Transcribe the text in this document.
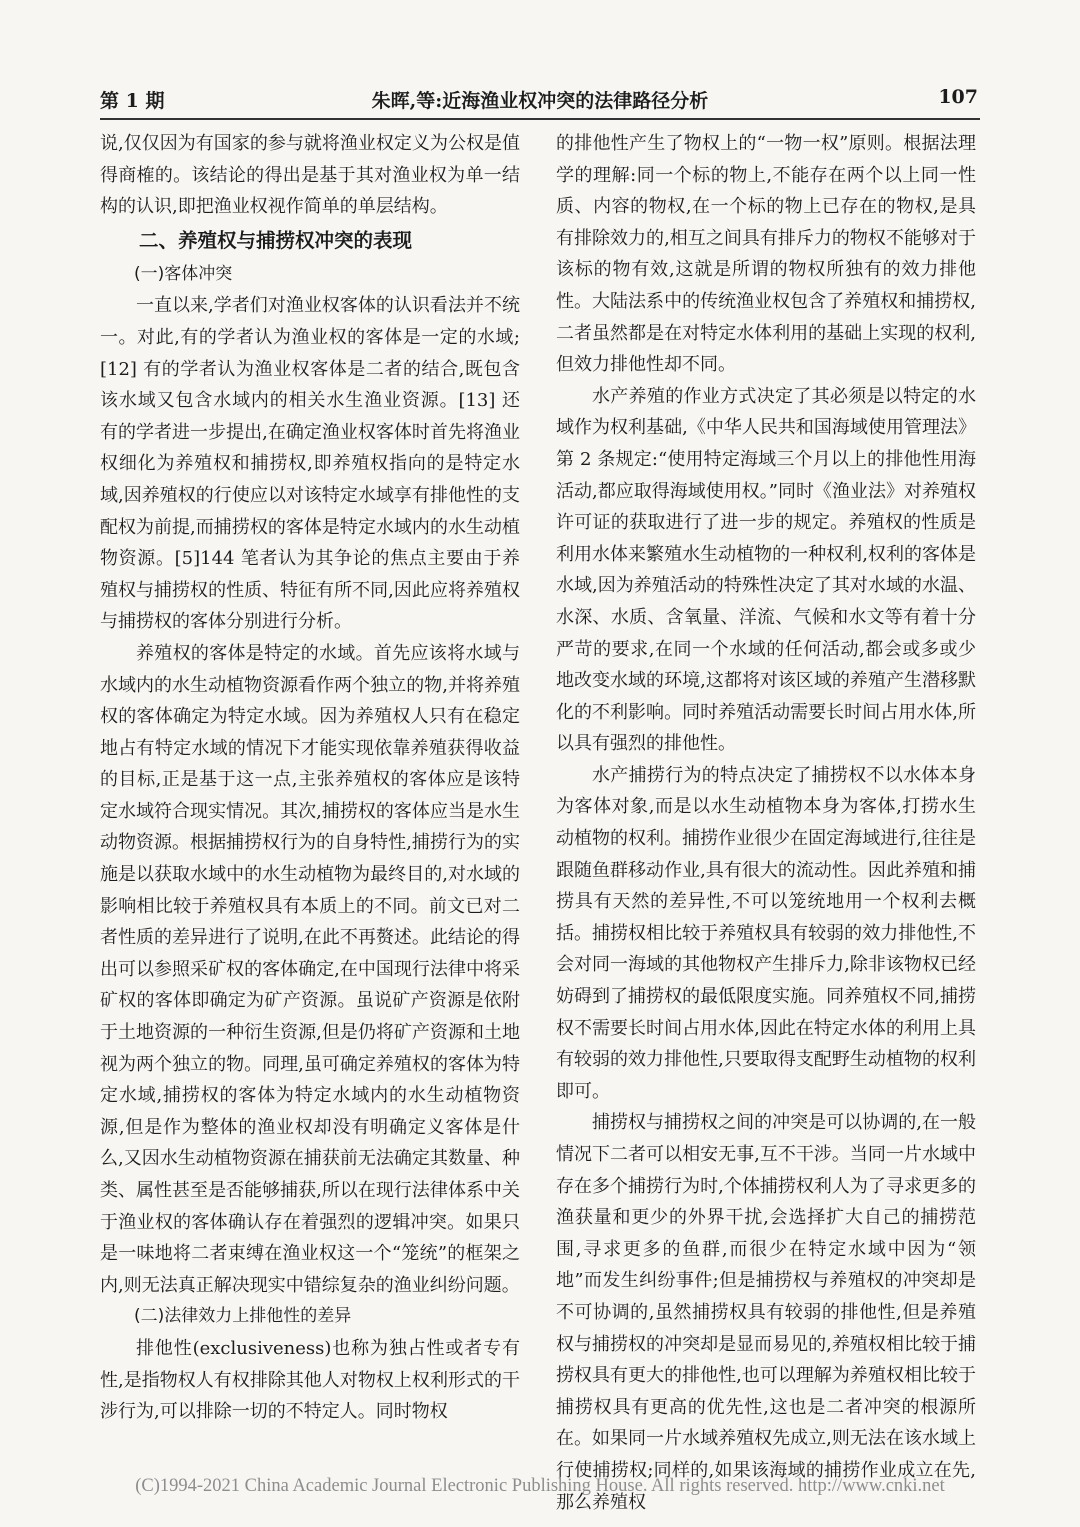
第 1 期	朱晖,等:近海渔业权冲突的法律路径分析	107

说,仅仅因为有国家的参与就将渔业权定义为公权是值得商榷的。该结论的得出是基于其对渔业权为单一结构的认识,即把渔业权视作简单的单层结构。

二、养殖权与捕捞权冲突的表现
(一)客体冲突

一直以来,学者们对渔业权客体的认识看法并不统一。对此,有的学者认为渔业权的客体是一定的水域;[12] 有的学者认为渔业权客体是二者的结合,既包含该水域又包含水域内的相关水生渔业资源。[13] 还有的学者进一步提出,在确定渔业权客体时首先将渔业权细化为养殖权和捕捞权,即养殖权指向的是特定水域,因养殖权的行使应以对该特定水域享有排他性的支配权为前提,而捕捞权的客体是特定水域内的水生动植物资源。[5]144 笔者认为其争论的焦点主要由于养殖权与捕捞权的性质、特征有所不同,因此应将养殖权与捕捞权的客体分别进行分析。

养殖权的客体是特定的水域。首先应该将水域与水域内的水生动植物资源看作两个独立的物,并将养殖权的客体确定为特定水域。因为养殖权人只有在稳定地占有特定水域的情况下才能实现依靠养殖获得收益的目标,正是基于这一点,主张养殖权的客体应是该特定水域符合现实情况。其次,捕捞权的客体应当是水生动物资源。根据捕捞权行为的自身特性,捕捞行为的实施是以获取水域中的水生动植物为最终目的,对水域的影响相比较于养殖权具有本质上的不同。前文已对二者性质的差异进行了说明,在此不再赘述。此结论的得出可以参照采矿权的客体确定,在中国现行法律中将采矿权的客体即确定为矿产资源。虽说矿产资源是依附于土地资源的一种衍生资源,但是仍将矿产资源和土地视为两个独立的物。同理,虽可确定养殖权的客体为特定水域,捕捞权的客体为特定水域内的水生动植物资源,但是作为整体的渔业权却没有明确定义客体是什么,又因水生动植物资源在捕获前无法确定其数量、种类、属性甚至是否能够捕获,所以在现行法律体系中关于渔业权的客体确认存在着强烈的逻辑冲突。如果只是一味地将二者束缚在渔业权这一个“笼统”的框架之内,则无法真正解决现实中错综复杂的渔业纠纷问题。

(二)法律效力上排他性的差异

排他性(exclusiveness)也称为独占性或者专有性,是指物权人有权排除其他人对物权上权利形式的干涉行为,可以排除一切的不特定人。同时物权

的排他性产生了物权上的“一物一权”原则。根据法理学的理解:同一个标的物上,不能存在两个以上同一性质、内容的物权,在一个标的物上已存在的物权,是具有排除效力的,相互之间具有排斥力的物权不能够对于该标的物有效,这就是所谓的物权所独有的效力排他性。大陆法系中的传统渔业权包含了养殖权和捕捞权,二者虽然都是在对特定水体利用的基础上实现的权利,但效力排他性却不同。

水产养殖的作业方式决定了其必须是以特定的水域作为权利基础,《中华人民共和国海域使用管理法》第 2 条规定:“使用特定海域三个月以上的排他性用海活动,都应取得海域使用权。”同时《渔业法》对养殖权许可证的获取进行了进一步的规定。养殖权的性质是利用水体来繁殖水生动植物的一种权利,权利的客体是水域,因为养殖活动的特殊性决定了其对水域的水温、水深、水质、含氧量、洋流、气候和水文等有着十分严苛的要求,在同一个水域的任何活动,都会或多或少地改变水域的环境,这都将对该区域的养殖产生潜移默化的不利影响。同时养殖活动需要长时间占用水体,所以具有强烈的排他性。

水产捕捞行为的特点决定了捕捞权不以水体本身为客体对象,而是以水生动植物本身为客体,打捞水生动植物的权利。捕捞作业很少在固定海域进行,往往是跟随鱼群移动作业,具有很大的流动性。因此养殖和捕捞具有天然的差异性,不可以笼统地用一个权利去概括。捕捞权相比较于养殖权具有较弱的效力排他性,不会对同一海域的其他物权产生排斥力,除非该物权已经妨碍到了捕捞权的最低限度实施。同养殖权不同,捕捞权不需要长时间占用水体,因此在特定水体的利用上具有较弱的效力排他性,只要取得支配野生动植物的权利即可。

捕捞权与捕捞权之间的冲突是可以协调的,在一般情况下二者可以相安无事,互不干涉。当同一片水域中存在多个捕捞行为时,个体捕捞权利人为了寻求更多的渔获量和更少的外界干扰,会选择扩大自己的捕捞范围,寻求更多的鱼群,而很少在特定水域中因为“领地”而发生纠纷事件;但是捕捞权与养殖权的冲突却是不可协调的,虽然捕捞权具有较弱的排他性,但是养殖权与捕捞权的冲突却是显而易见的,养殖权相比较于捕捞权具有更大的排他性,也可以理解为养殖权相比较于捕捞权具有更高的优先性,这也是二者冲突的根源所在。如果同一片水域养殖权先成立,则无法在该水域上行使捕捞权;同样的,如果该海域的捕捞作业成立在先,那么养殖权

(C)1994-2021 China Academic Journal Electronic Publishing House. All rights reserved. http://www.cnki.net
